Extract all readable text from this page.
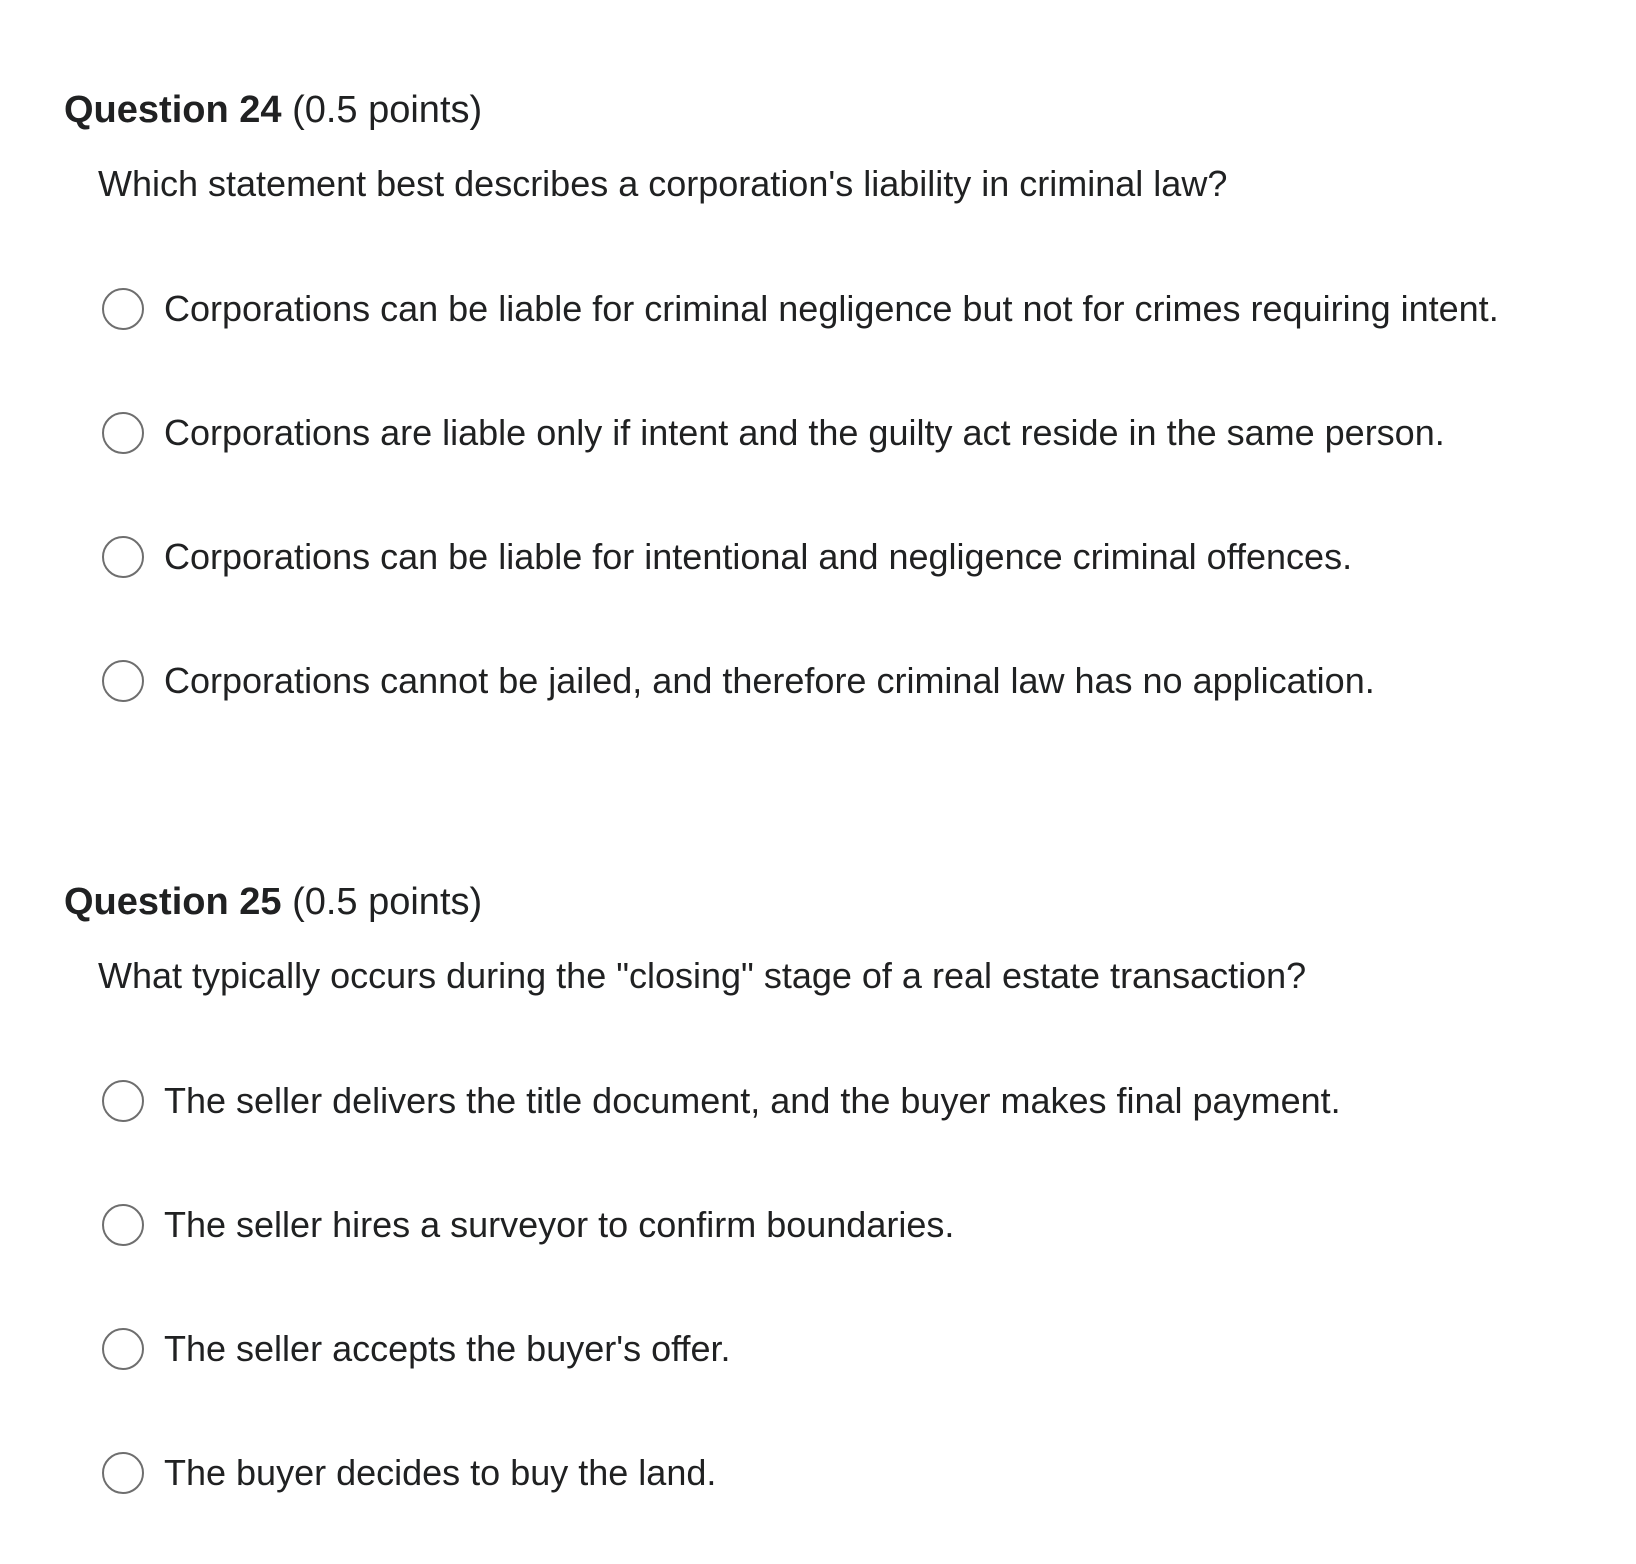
Question 24 (0.5 points)
Which statement best describes a corporation's liability in criminal law?
Corporations can be liable for criminal negligence but not for crimes requiring intent.
Corporations are liable only if intent and the guilty act reside in the same person.
Corporations can be liable for intentional and negligence criminal offences.
Corporations cannot be jailed, and therefore criminal law has no application.
Question 25 (0.5 points)
What typically occurs during the "closing" stage of a real estate transaction?
The seller delivers the title document, and the buyer makes final payment.
The seller hires a surveyor to confirm boundaries.
The seller accepts the buyer's offer.
The buyer decides to buy the land.
